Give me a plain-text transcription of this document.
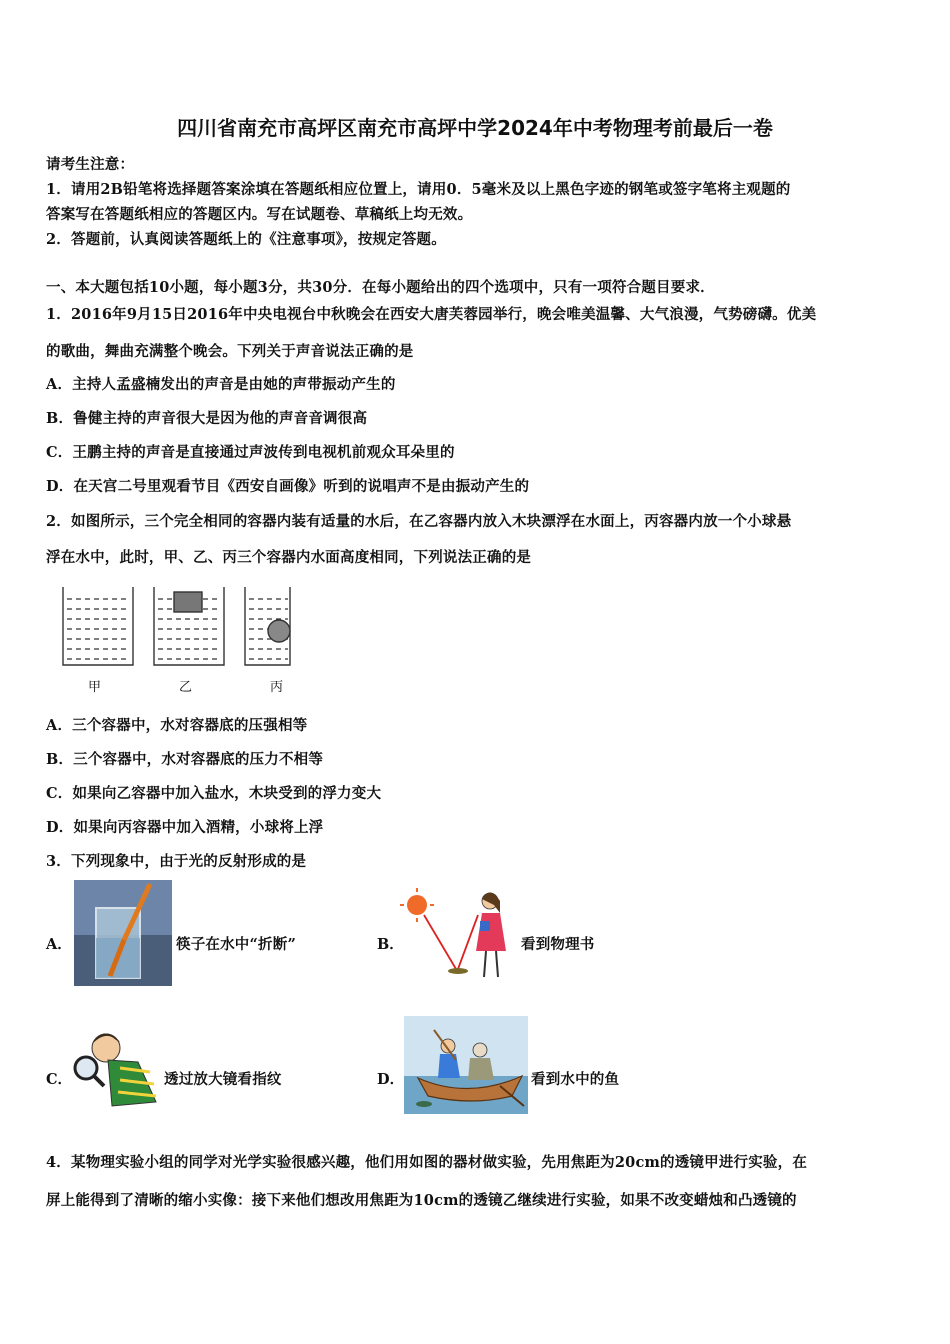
四川省南充市高坪区南充市高坪中学2024年中考物理考前最后一卷
请考生注意：
1．请用2B铅笔将选择题答案涂填在答题纸相应位置上，请用0．5毫米及以上黑色字迹的钢笔或签字笔将主观题的
答案写在答题纸相应的答题区内。写在试题卷、草稿纸上均无效。
2．答题前，认真阅读答题纸上的《注意事项》，按规定答题。
一、本大题包括10小题，每小题3分，共30分．在每小题给出的四个选项中，只有一项符合题目要求．
1．2016年9月15日2016年中央电视台中秋晚会在西安大唐芙蓉园举行，晚会唯美温馨、大气浪漫，气势磅礴。优美
的歌曲，舞曲充满整个晚会。下列关于声音说法正确的是
A．主持人孟盛楠发出的声音是由她的声带振动产生的
B．鲁健主持的声音很大是因为他的声音音调很高
C．王鹏主持的声音是直接通过声波传到电视机前观众耳朵里的
D．在天宫二号里观看节目《西安自画像》听到的说唱声不是由振动产生的
2．如图所示，三个完全相同的容器内装有适量的水后，在乙容器内放入木块漂浮在水面上，丙容器内放一个小球悬
浮在水中，此时，甲、乙、丙三个容器内水面高度相同，下列说法正确的是
甲	乙	丙
A．三个容器中，水对容器底的压强相等
B．三个容器中，水对容器底的压力不相等
C．如果向乙容器中加入盐水，木块受到的浮力变大
D．如果向丙容器中加入酒精，小球将上浮
3．下列现象中，由于光的反射形成的是
A．	筷子在水中“折断”	B．	看到物理书
C．	透过放大镜看指纹	D．	看到水中的鱼
4．某物理实验小组的同学对光学实验很感兴趣，他们用如图的器材做实验，先用焦距为20cm的透镜甲进行实验，在
屏上能得到了清晰的缩小实像：接下来他们想改用焦距为10cm的透镜乙继续进行实验，如果不改变蜡烛和凸透镜的
